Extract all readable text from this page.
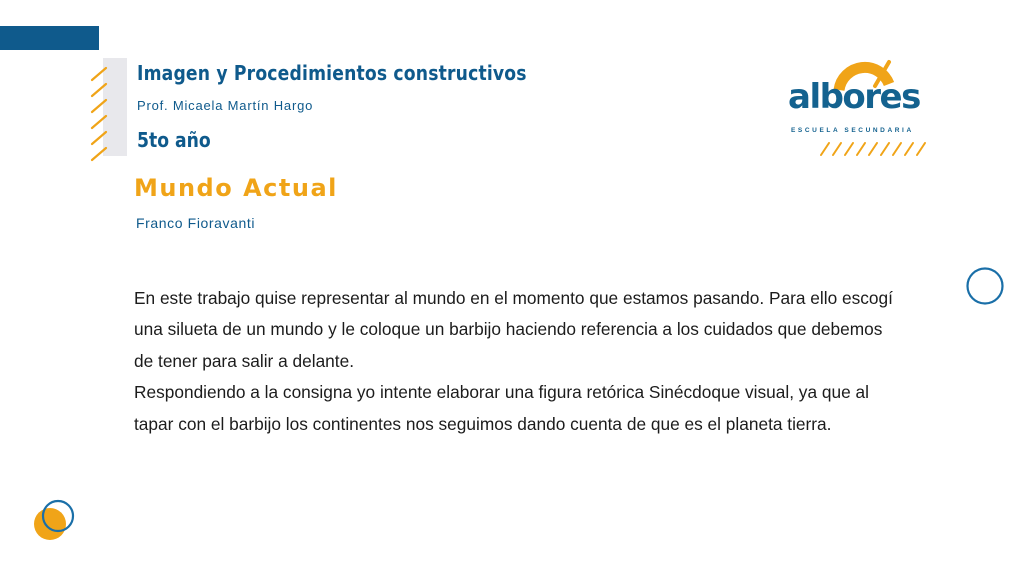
Imagen y Procedimientos constructivos

Prof. Micaela Martín Hargo

5to año
Mundo Actual

Franco Fioravanti

En este trabajo quise representar al mundo en el momento que estamos pasando. Para ello escogí una silueta de un mundo y le coloque un barbijo haciendo referencia a los cuidados que debemos de tener para salir a delante.

Respondiendo a la consigna yo intente elaborar una figura retórica Sinécdoque visual, ya que al tapar con el barbijo los continentes nos seguimos dando cuenta de que es el planeta tierra.

albores

ESCUELA SECUNDARIA
